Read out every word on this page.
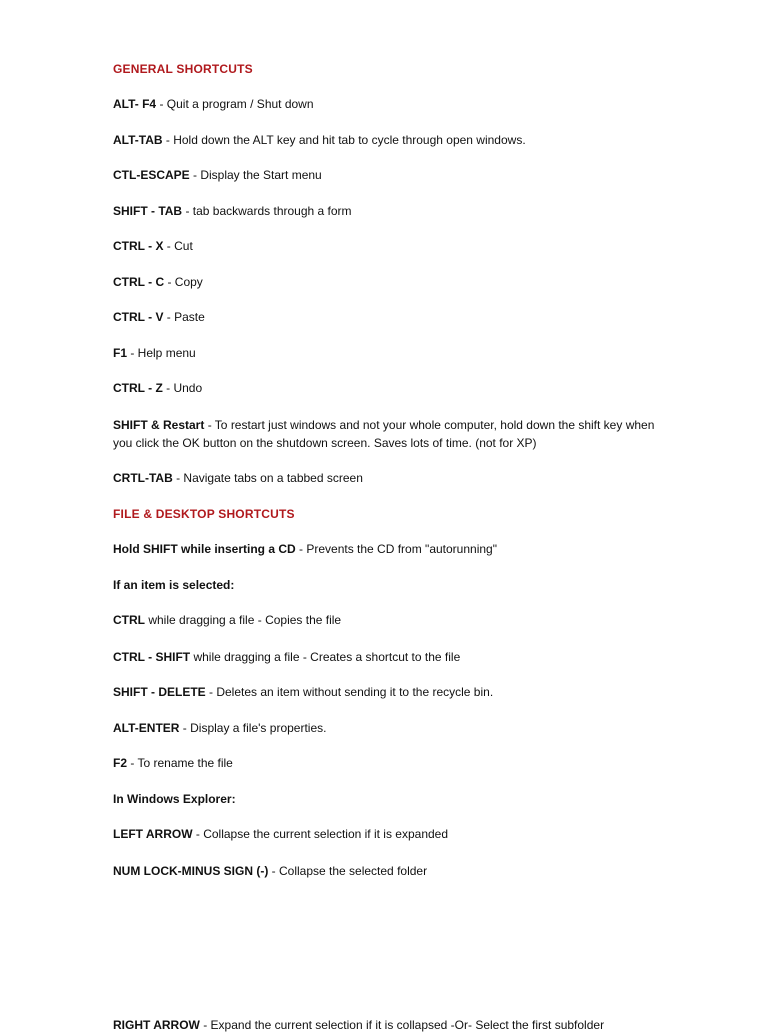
GENERAL SHORTCUTS
ALT- F4 - Quit a program / Shut down
ALT-TAB - Hold down the ALT key and hit tab to cycle through open windows.
CTL-ESCAPE - Display the Start menu
SHIFT - TAB - tab backwards through a form
CTRL - X - Cut
CTRL - C - Copy
CTRL - V - Paste
F1 - Help menu
CTRL - Z - Undo
SHIFT & Restart - To restart just windows and not your whole computer, hold down the shift key when you click the OK button on the shutdown screen. Saves lots of time. (not for XP)
CRTL-TAB - Navigate tabs on a tabbed screen
FILE & DESKTOP SHORTCUTS
Hold SHIFT while inserting a CD - Prevents the CD from "autorunning"
If an item is selected:
CTRL while dragging a file - Copies the file
CTRL - SHIFT while dragging a file - Creates a shortcut to the file
SHIFT - DELETE - Deletes an item without sending it to the recycle bin.
ALT-ENTER - Display a file's properties.
F2 - To rename the file
In Windows Explorer:
LEFT ARROW - Collapse the current selection if it is expanded
NUM LOCK-MINUS SIGN (-) - Collapse the selected folder
RIGHT ARROW - Expand the current selection if it is collapsed -Or- Select the first subfolder
